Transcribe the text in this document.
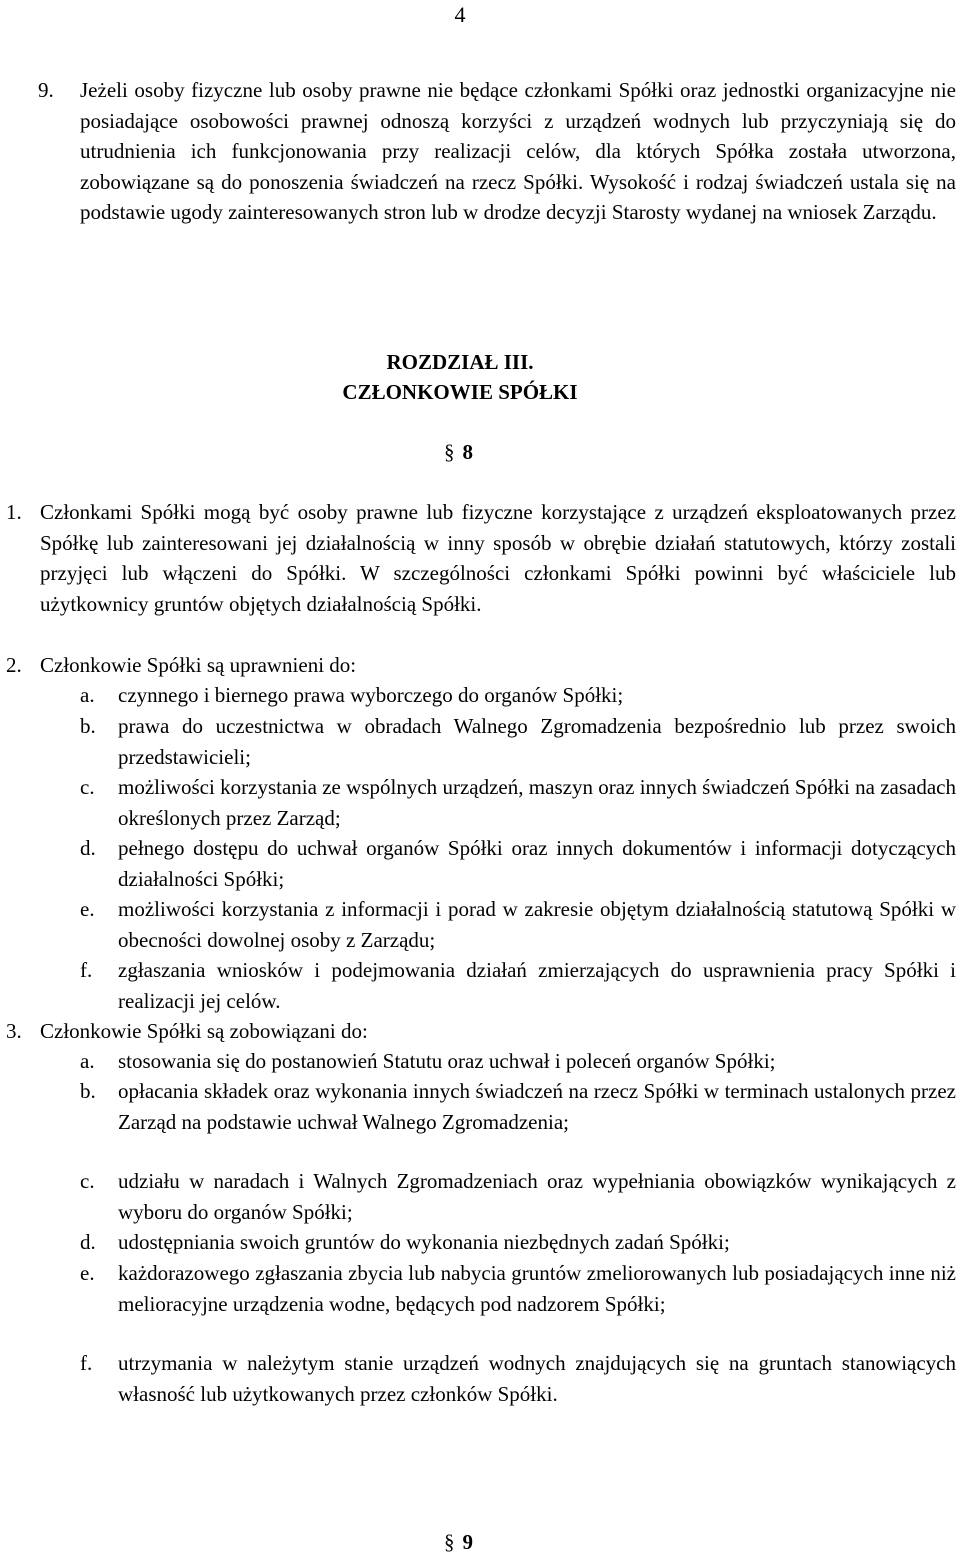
4
9. Jeżeli osoby fizyczne lub osoby prawne nie będące członkami Spółki oraz jednostki organizacyjne nie posiadające osobowości prawnej odnoszą korzyści z urządzeń wodnych lub przyczyniają się do utrudnienia ich funkcjonowania przy realizacji celów, dla których Spółka została utworzona, zobowiązane są do ponoszenia świadczeń na rzecz Spółki. Wysokość i rodzaj świadczeń ustala się na podstawie ugody zainteresowanych stron lub w drodze decyzji Starosty wydanej na wniosek Zarządu.
ROZDZIAŁ III.
CZŁONKOWIE SPÓŁKI
§ 8
1. Członkami Spółki mogą być osoby prawne lub fizyczne korzystające z urządzeń eksploatowanych przez Spółkę lub zainteresowani jej działalnością w inny sposób w obrębie działań statutowych, którzy zostali przyjęci lub włączeni do Spółki. W szczególności członkami Spółki powinni być właściciele lub użytkownicy gruntów objętych działalnością Spółki.
2. Członkowie Spółki są uprawnieni do:
a. czynnego i biernego prawa wyborczego do organów Spółki;
b. prawa do uczestnictwa w obradach Walnego Zgromadzenia bezpośrednio lub przez swoich przedstawicieli;
c. możliwości korzystania ze wspólnych urządzeń, maszyn oraz innych świadczeń Spółki na zasadach określonych przez Zarząd;
d. pełnego dostępu do uchwał organów Spółki oraz innych dokumentów i informacji dotyczących działalności Spółki;
e. możliwości korzystania z informacji i porad w zakresie objętym działalnością statutową Spółki w obecności dowolnej osoby z Zarządu;
f. zgłaszania wniosków i podejmowania działań zmierzających do usprawnienia pracy Spółki i realizacji jej celów.
3. Członkowie Spółki są zobowiązani do:
a. stosowania się do postanowień Statutu oraz uchwał i poleceń organów Spółki;
b. opłacania składek oraz wykonania innych świadczeń na rzecz Spółki w terminach ustalonych przez Zarząd na podstawie uchwał Walnego Zgromadzenia;
c. udziału w naradach i Walnych Zgromadzeniach oraz wypełniania obowiązków wynikających z wyboru do organów Spółki;
d. udostępniania swoich gruntów do wykonania niezbędnych zadań Spółki;
e. każdorazowego zgłaszania zbycia lub nabycia gruntów zmeliorowanych lub posiadających inne niż melioracyjne urządzenia wodne, będących pod nadzorem Spółki;
f. utrzymania w należytym stanie urządzeń wodnych znajdujących się na gruntach stanowiących własność lub użytkowanych przez członków Spółki.
§ 9
